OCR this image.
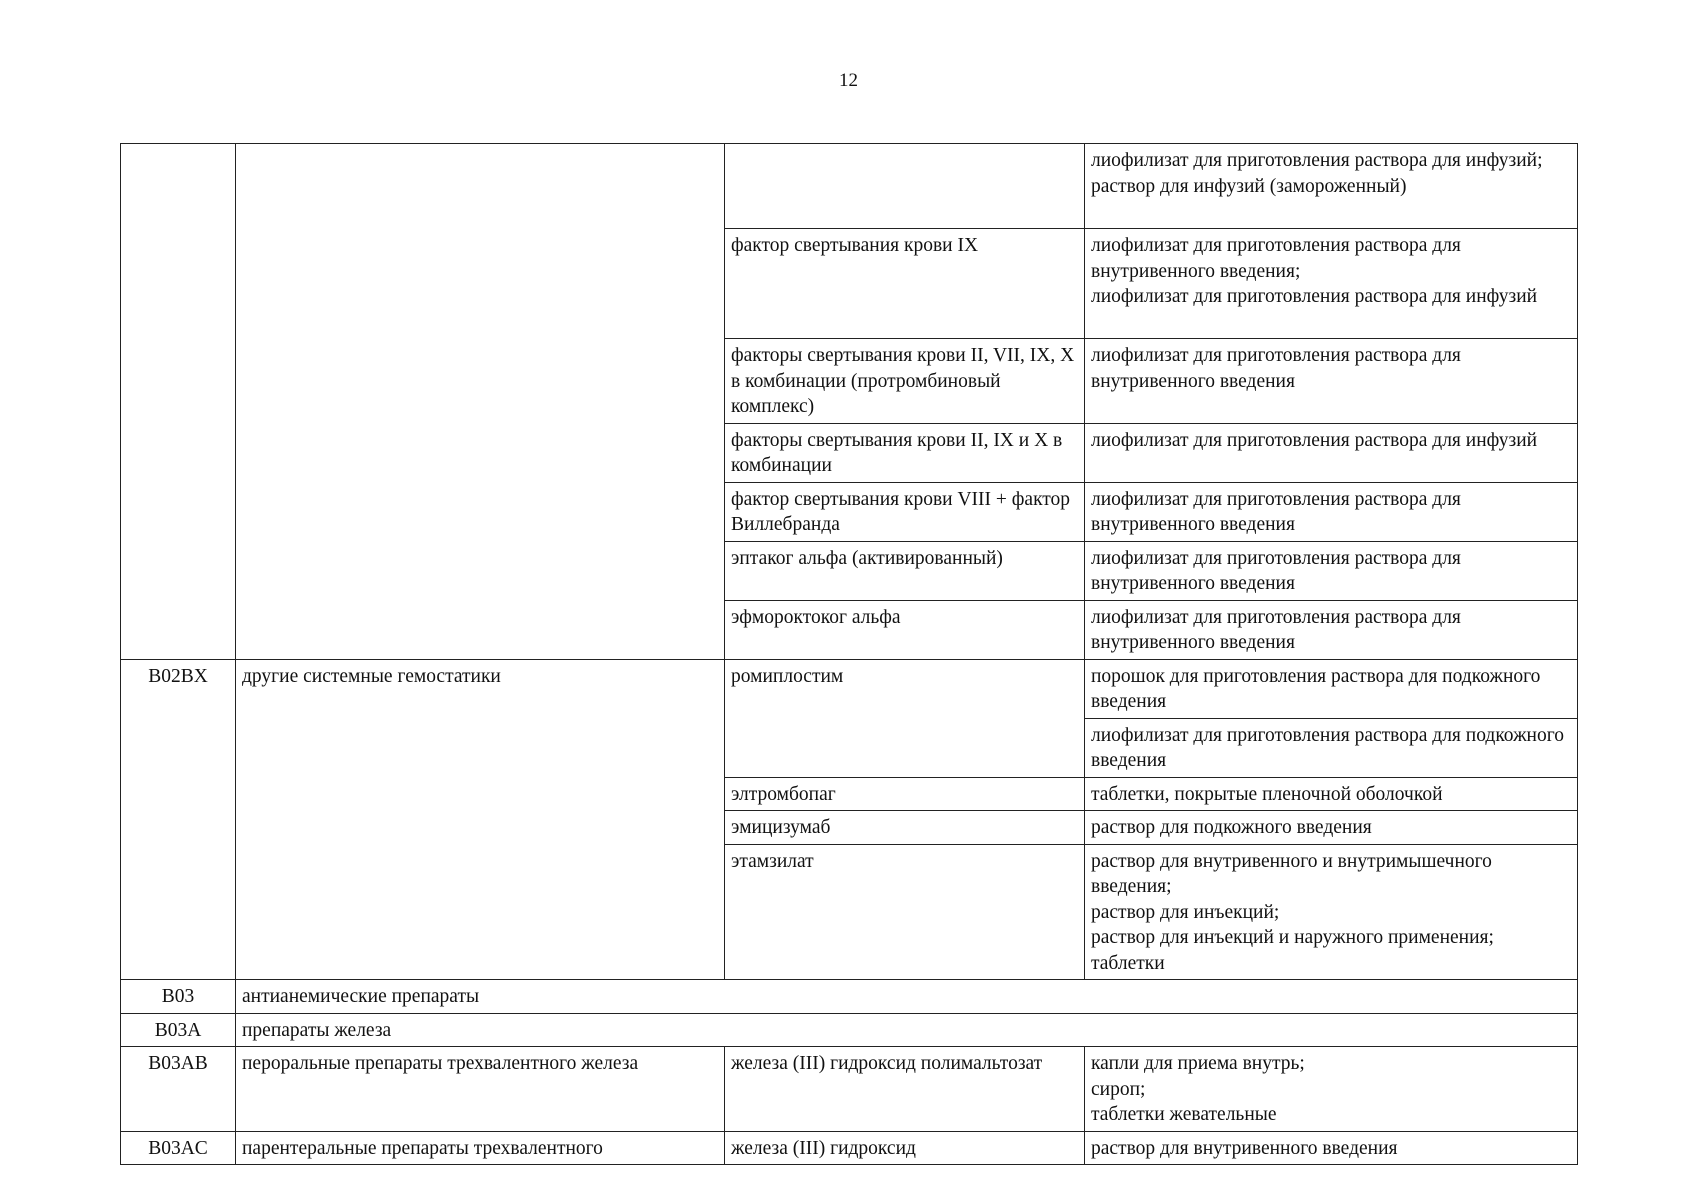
12

			лиофилизат для приготовления раствора для инфузий;
раствор для инфузий (замороженный)

		фактор свертывания крови IX	лиофилизат для приготовления раствора для внутривенного введения;
лиофилизат для приготовления раствора для инфузий

		факторы свертывания крови II, VII, IX, X в комбинации (протромбиновый комплекс)	лиофилизат для приготовления раствора для внутривенного введения
		факторы свертывания крови II, IX и X в комбинации	лиофилизат для приготовления раствора для инфузий
		фактор свертывания крови VIII + фактор Виллебранда	лиофилизат для приготовления раствора для внутривенного введения
		эптаког альфа (активированный)	лиофилизат для приготовления раствора для внутривенного введения
		эфмороктоког альфа	лиофилизат для приготовления раствора для внутривенного введения
B02BX	другие системные гемостатики	ромиплостим	порошок для приготовления раствора для подкожного введения
			лиофилизат для приготовления раствора для подкожного введения
		элтромбопаг	таблетки, покрытые пленочной оболочкой
		эмицизумаб	раствор для подкожного введения
		этамзилат	раствор для внутривенного и внутримышечного введения;
раствор для инъекций;
раствор для инъекций и наружного применения;
таблетки

B03	антианемические препараты		
B03A	препараты железа		
B03AB	пероральные препараты трехвалентного железа	железа (III) гидроксид полимальтозат	капли для приема внутрь;
сироп;
таблетки жевательные

B03AC	парентеральные препараты трехвалентного	железа (III) гидроксид	раствор для внутривенного введения
